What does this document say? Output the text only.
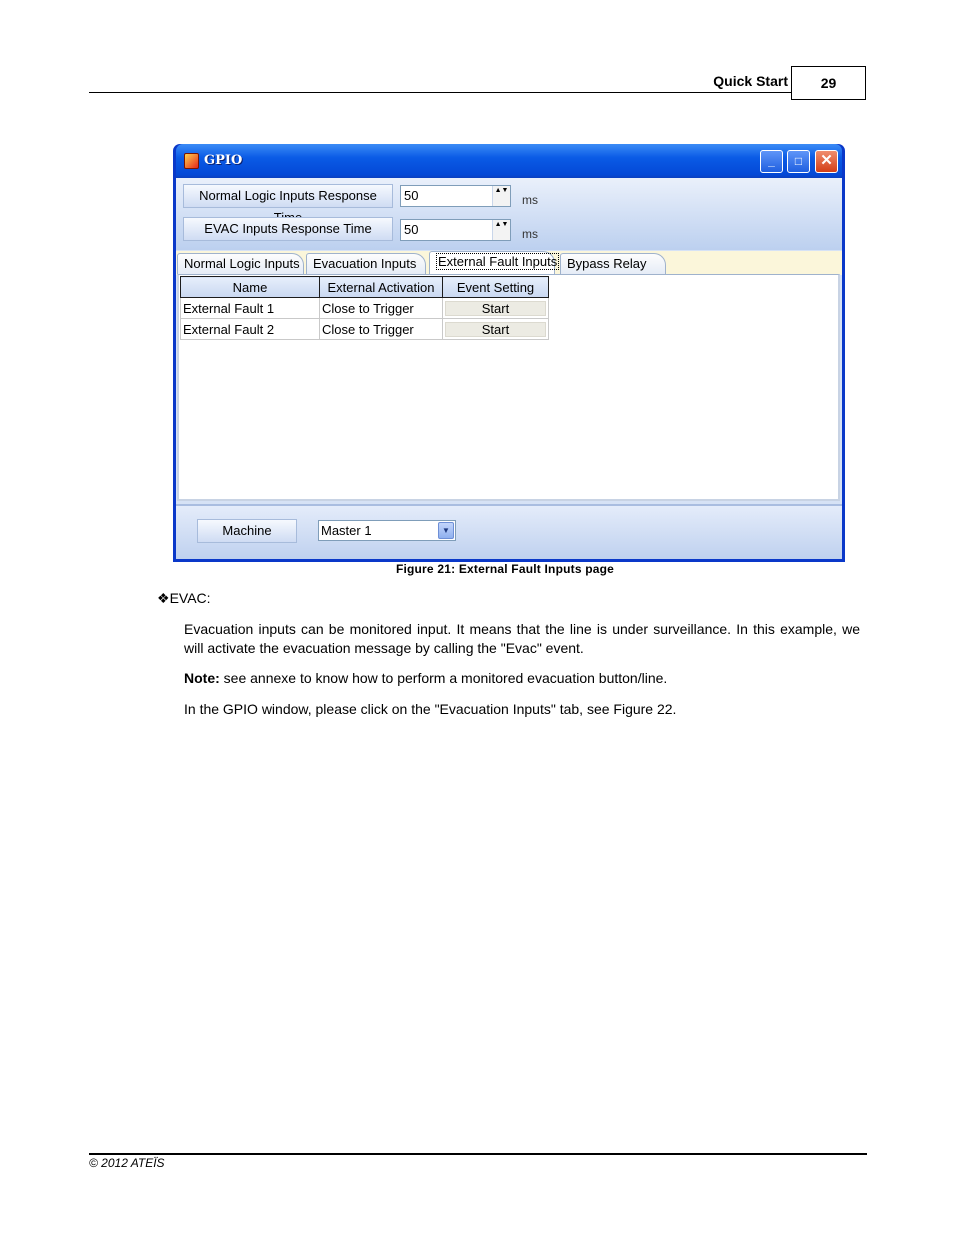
Quick Start	29
GPIO	_	□	✕
Normal Logic Inputs Response	50	▲▼
ms
EVAC Inputs Response Time	50	▲▼
ms
Normal Logic Inputs	Evacuation Inputs	External Fault Inputs Bypass Relay
Name	External Activation	Event Setting
External Fault 1	Close to Trigger	Start

External Fault 2	Close to Trigger	Start
Machine	Master 1	▼
Figure 21: External Fault Inputs page
❖EVAC:
Evacuation inputs can be monitored input. It means that the line is under surveillance. In this example, we will activate the evacuation message by calling the "Evac" event.
Note: see annexe to know how to perform a monitored evacuation button/line.
In the GPIO window, please click on the "Evacuation Inputs" tab, see Figure 22.
© 2012 ATEÏS
